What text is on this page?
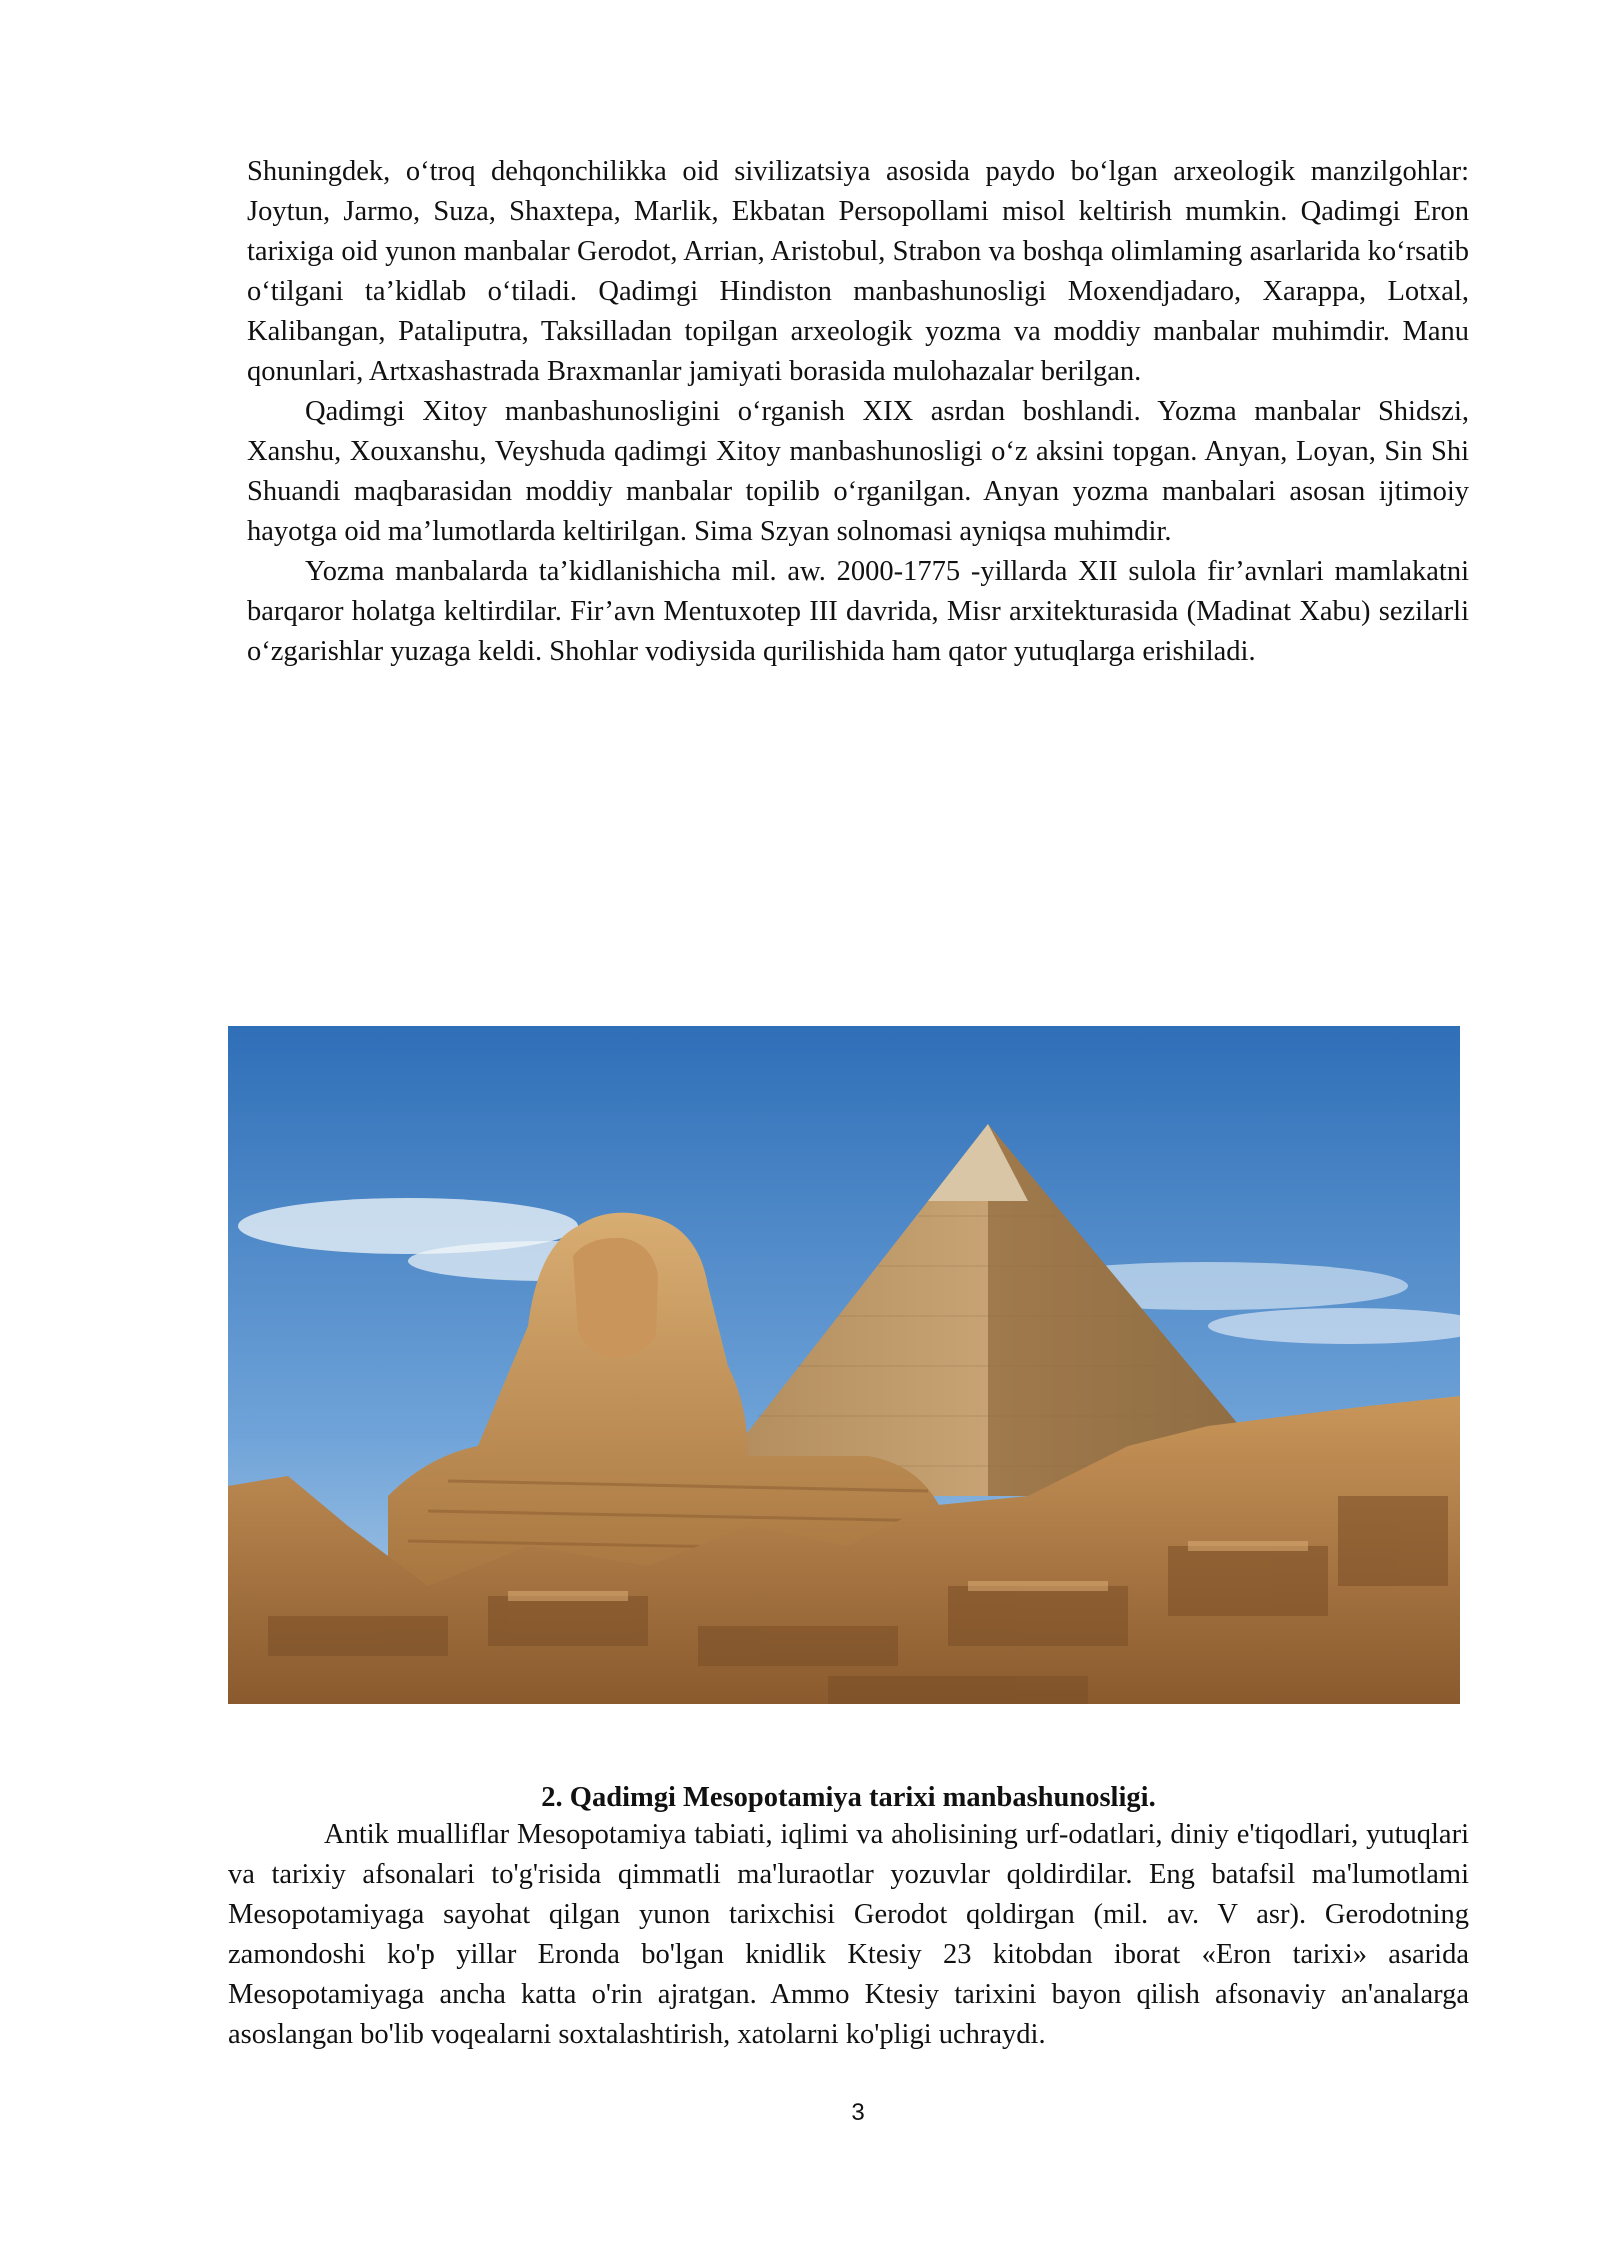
Shuningdek, o‘troq dehqonchilikka oid sivilizatsiya asosida paydo bo‘lgan arxeologik manzilgohlar: Joytun, Jarmo, Suza, Shaxtepa, Marlik, Ekbatan Persopollami misol keltirish mumkin. Qadimgi Eron tarixiga oid yunon manbalar Gerodot, Arrian, Aristobul, Strabon va boshqa olimlaming asarlarida ko‘rsatib o‘tilgani ta’kidlab o‘tiladi. Qadimgi Hindiston manbashunosligi Moxendjadaro, Xarappa, Lotxal, Kalibangan, Pataliputra, Taksilladan topilgan arxeologik yozma va moddiy manbalar muhimdir. Manu qonunlari, Artxashastrada Braxmanlar jamiyati borasida mulohazalar berilgan.

Qadimgi Xitoy manbashunosligini o‘rganish XIX asrdan boshlandi. Yozma manbalar Shidszi, Xanshu, Xouxanshu, Veyshuda qadimgi Xitoy manbashunosligi o‘z aksini topgan. Anyan, Loyan, Sin Shi Shuandi maqbarasidan moddiy manbalar topilib o‘rganilgan. Anyan yozma manbalari asosan ijtimoiy hayotga oid ma’lumotlarda keltirilgan. Sima Szyan solnomasi ayniqsa muhimdir.

Yozma manbalarda ta’kidlanishicha mil. aw. 2000-1775 -yillarda XII sulola fir’avnlari mamlakatni barqaror holatga keltirdilar. Fir’avn Mentuxotep III davrida, Misr arxitekturasida (Madinat Xabu) sezilarli o‘zgarishlar yuzaga keldi. Shohlar vodiysida qurilishida ham qator yutuqlarga erishiladi.

2. Qadimgi Mesopotamiya tarixi manbashunosligi.

Antik mualliflar Mesopotamiya tabiati, iqlimi va aholisining urf-odatlari, diniy e'tiqodlari, yutuqlari va tarixiy afsonalari to'g'risida qimmatli ma'luraotlar yozuvlar qoldirdilar. Eng batafsil ma'lumotlami Mesopotamiyaga sayohat qilgan yunon tarixchisi Gerodot qoldirgan (mil. av. V asr). Gerodotning zamondoshi ko'p yillar Eronda bo'lgan knidlik Ktesiy 23 kitobdan iborat «Eron tarixi» asarida Mesopotamiyaga ancha katta o'rin ajratgan. Ammo Ktesiy tarixini bayon qilish afsonaviy an'analarga asoslangan bo'lib voqealarni soxtalashtirish, xatolarni ko'pligi uchraydi.

3
